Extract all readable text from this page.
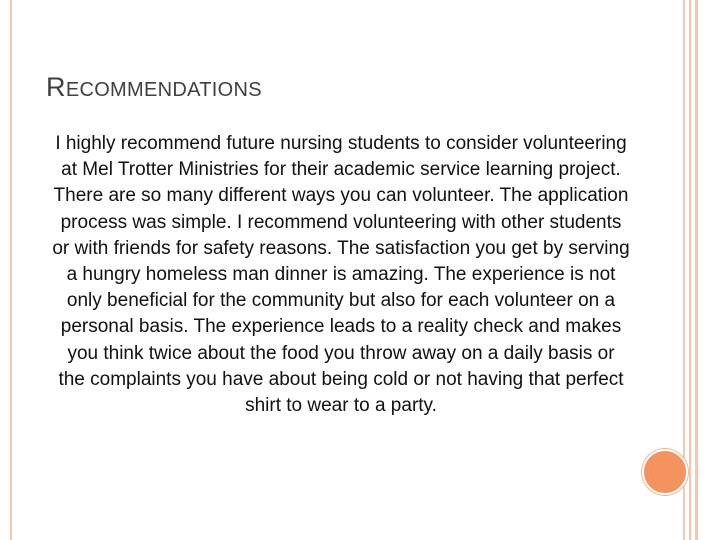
RECOMMENDATIONS

I highly recommend future nursing students to consider volunteering at Mel Trotter Ministries for their academic service learning project. There are so many different ways you can volunteer. The application process was simple. I recommend volunteering with other students or with friends for safety reasons. The satisfaction you get by serving a hungry homeless man dinner is amazing. The experience is not only beneficial for the community but also for each volunteer on a personal basis. The experience leads to a reality check and makes you think twice about the food you throw away on a daily basis or the complaints you have about being cold or not having that perfect shirt to wear to a party.
